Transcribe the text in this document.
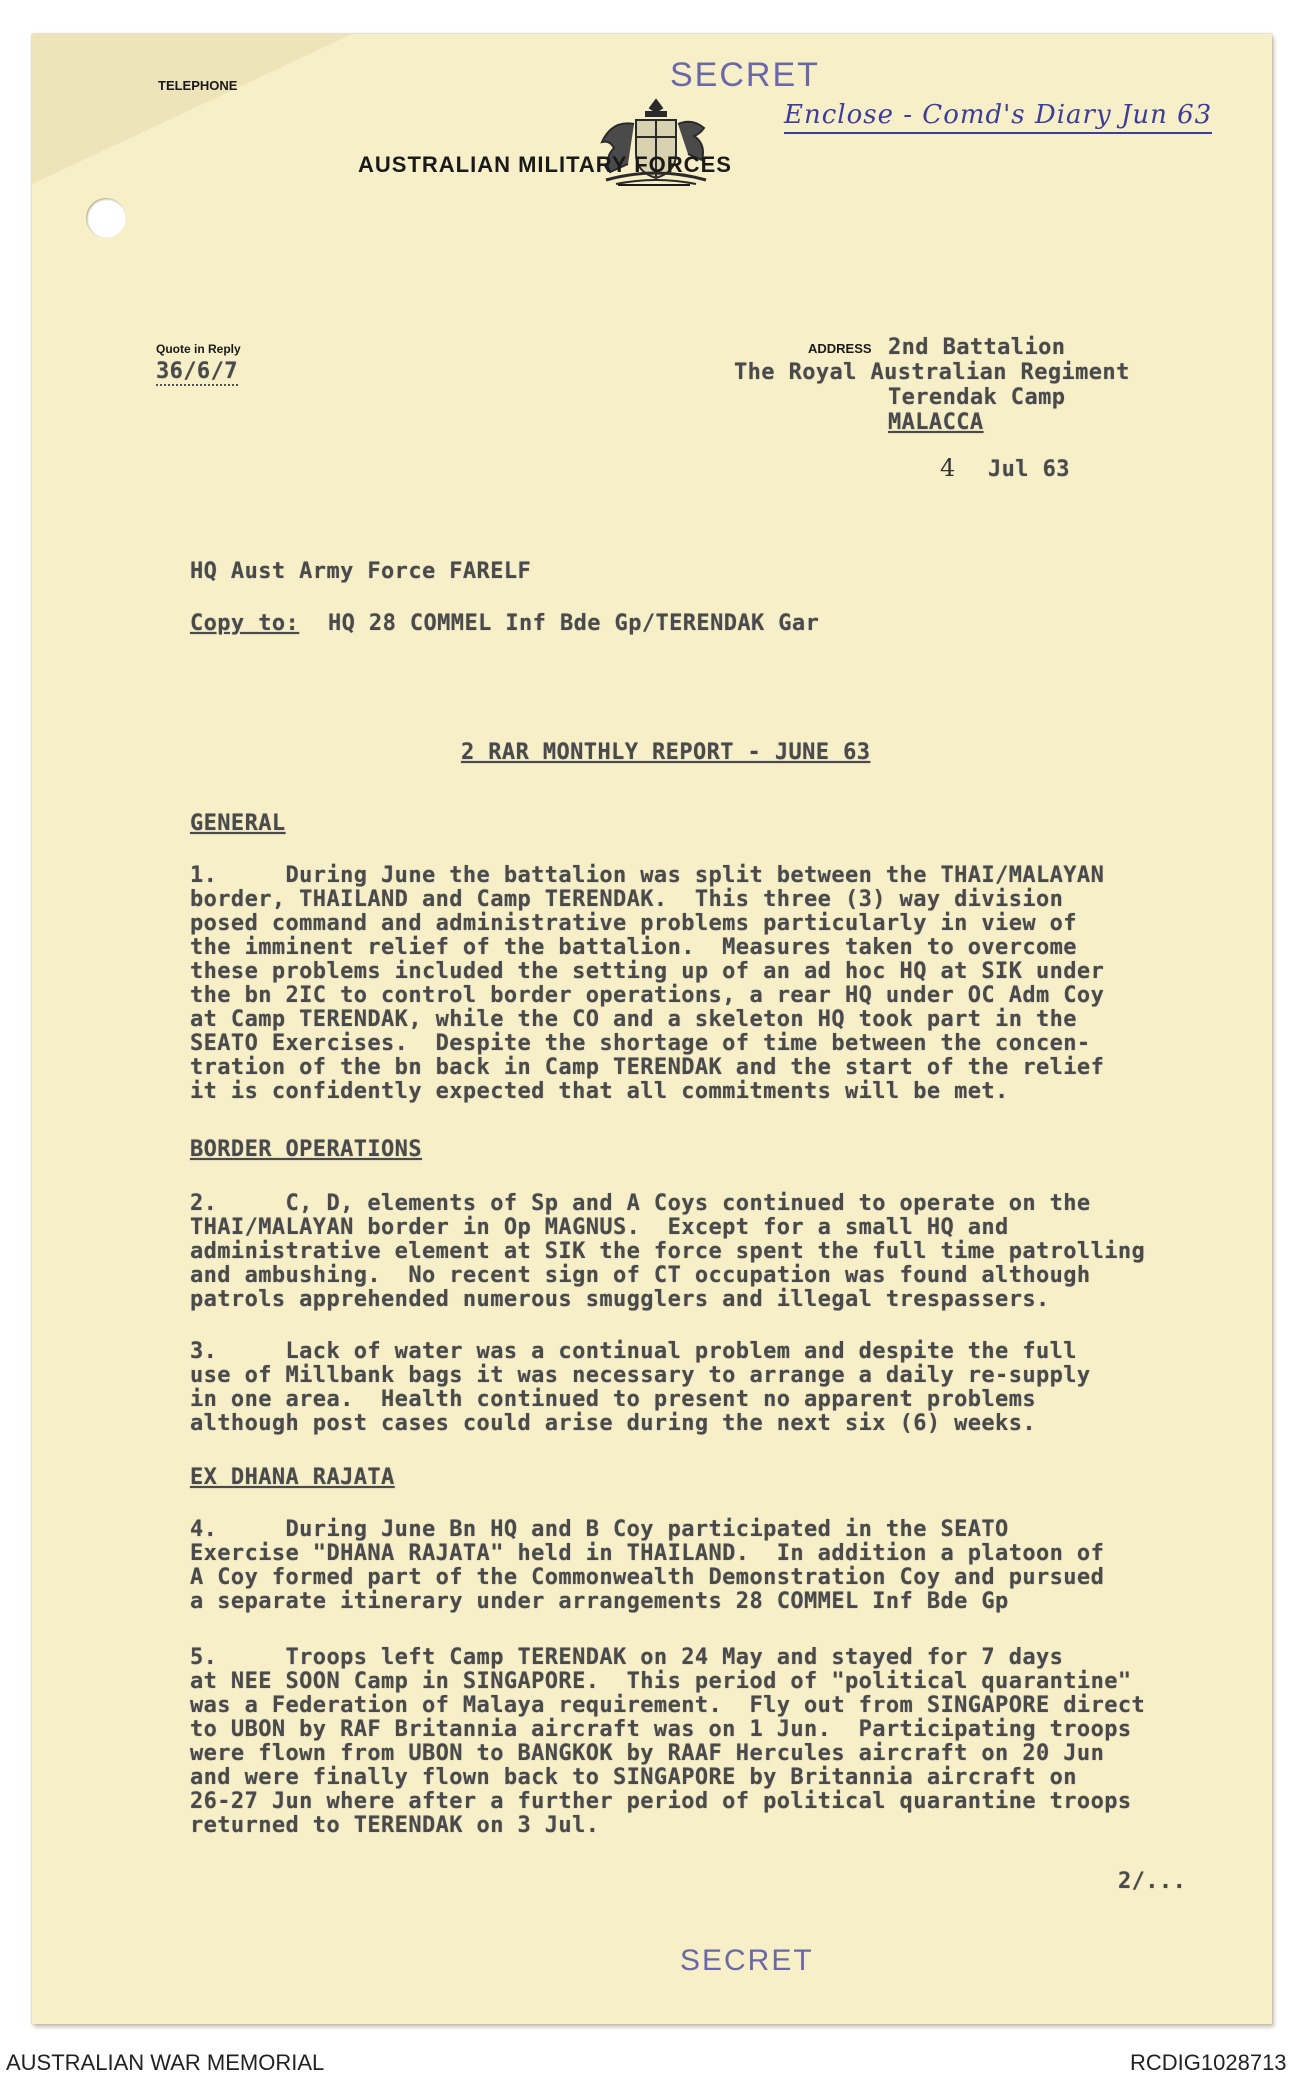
TELEPHONE	SECRET
Enclose - Comd's Diary Jun 63
AUSTRALIAN MILITARY FORCES
Quote in Reply
36/6/7
ADDRESS 2nd Battalion
The Royal Australian Regiment
Terendak Camp
MALACCA
4 Jul 63
HQ Aust Army Force FARELF
Copy to: HQ 28 COMMEL Inf Bde Gp/TERENDAK Gar
2 RAR MONTHLY REPORT - JUNE 63
GENERAL
1.     During June the battalion was split between the THAI/MALAYAN
border, THAILAND and Camp TERENDAK.  This three (3) way division
posed command and administrative problems particularly in view of
the imminent relief of the battalion.  Measures taken to overcome
these problems included the setting up of an ad hoc HQ at SIK under
the bn 2IC to control border operations, a rear HQ under OC Adm Coy
at Camp TERENDAK, while the CO and a skeleton HQ took part in the
SEATO Exercises.  Despite the shortage of time between the concen-
tration of the bn back in Camp TERENDAK and the start of the relief
it is confidently expected that all commitments will be met.
BORDER OPERATIONS
2.     C, D, elements of Sp and A Coys continued to operate on the
THAI/MALAYAN border in Op MAGNUS.  Except for a small HQ and
administrative element at SIK the force spent the full time patrolling
and ambushing.  No recent sign of CT occupation was found although
patrols apprehended numerous smugglers and illegal trespassers.
3.     Lack of water was a continual problem and despite the full
use of Millbank bags it was necessary to arrange a daily re-supply
in one area.  Health continued to present no apparent problems
although post cases could arise during the next six (6) weeks.
EX DHANA RAJATA
4.     During June Bn HQ and B Coy participated in the SEATO
Exercise "DHANA RAJATA" held in THAILAND.  In addition a platoon of
A Coy formed part of the Commonwealth Demonstration Coy and pursued
a separate itinerary under arrangements 28 COMMEL Inf Bde Gp
5.     Troops left Camp TERENDAK on 24 May and stayed for 7 days
at NEE SOON Camp in SINGAPORE.  This period of "political quarantine"
was a Federation of Malaya requirement.  Fly out from SINGAPORE direct
to UBON by RAF Britannia aircraft was on 1 Jun.  Participating troops
were flown from UBON to BANGKOK by RAAF Hercules aircraft on 20 Jun
and were finally flown back to SINGAPORE by Britannia aircraft on
26-27 Jun where after a further period of political quarantine troops
returned to TERENDAK on 3 Jul.
2/...
SECRET
AUSTRALIAN WAR MEMORIAL	RCDIG1028713
